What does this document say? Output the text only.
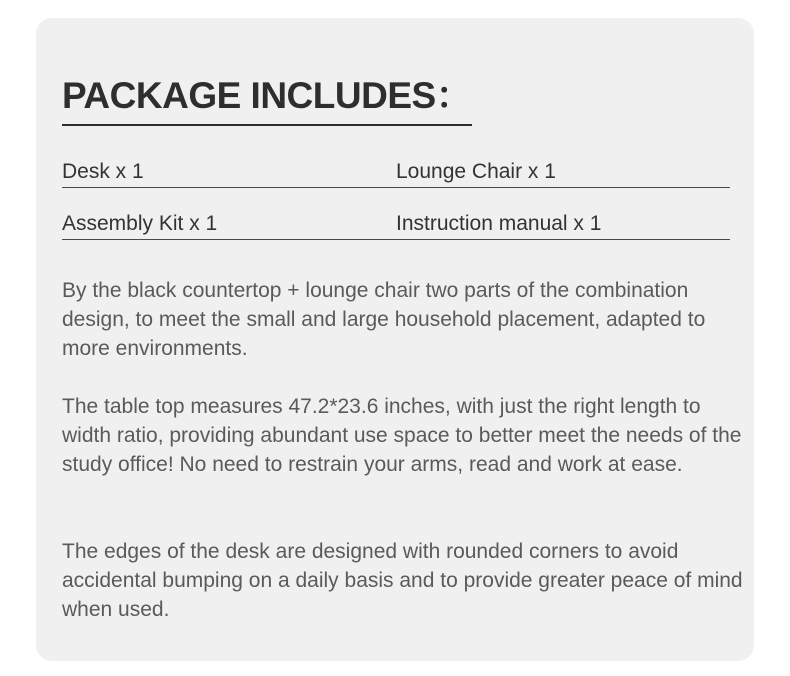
PACKAGE INCLUDES：
Desk x 1	Lounge Chair x 1
Assembly Kit x 1	Instruction manual x 1

By the black countertop + lounge chair two parts of the combination design, to meet the small and large household placement, adapted to more environments.

The table top measures 47.2*23.6 inches, with just the right length to width ratio, providing abundant use space to better meet the needs of the study office! No need to restrain your arms, read and work at ease.

The edges of the desk are designed with rounded corners to avoid accidental bumping on a daily basis and to provide greater peace of mind when used.
